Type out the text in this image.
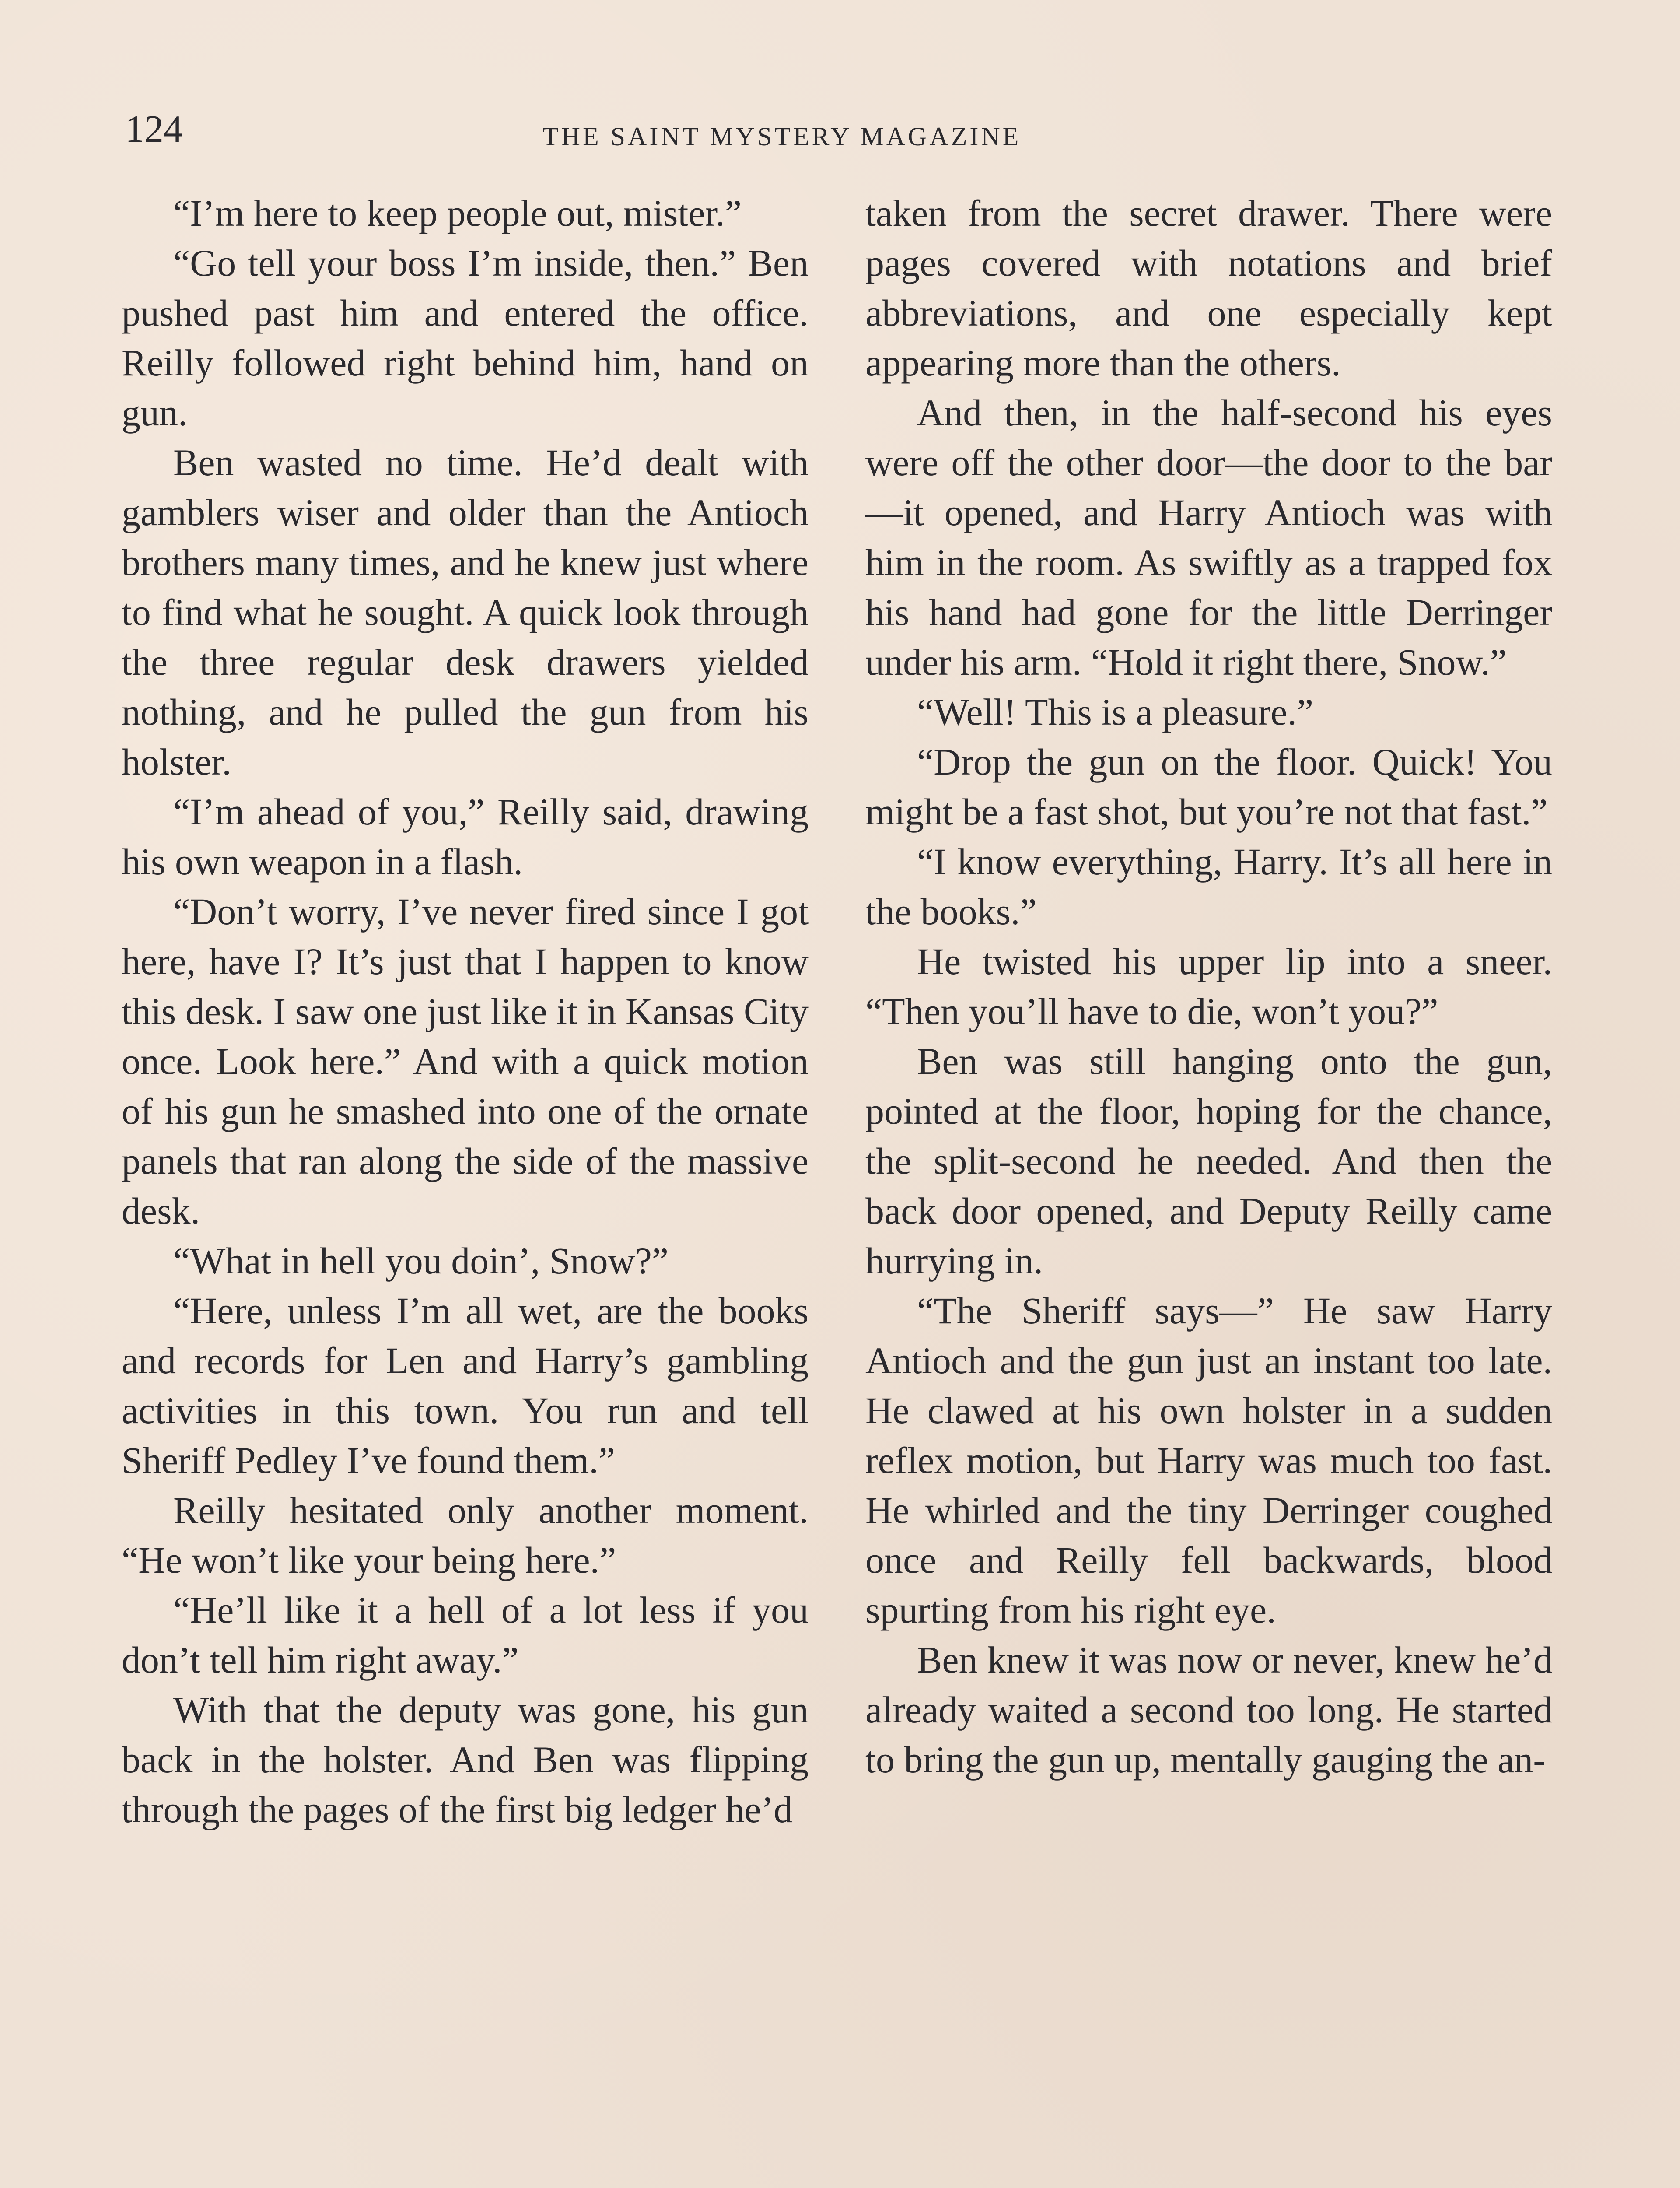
124	THE SAINT MYSTERY MAGAZINE

“I’m here to keep people out, mister.”

“Go tell your boss I’m inside, then.” Ben pushed past him and entered the office. Reilly followed right behind him, hand on gun.

Ben wasted no time. He’d dealt with gamblers wiser and older than the Antioch brothers many times, and he knew just where to find what he sought. A quick look through the three regular desk drawers yielded nothing, and he pulled the gun from his holster.

“I’m ahead of you,” Reilly said, drawing his own weapon in a flash.

“Don’t worry, I’ve never fired since I got here, have I? It’s just that I happen to know this desk. I saw one just like it in Kansas City once. Look here.” And with a quick motion of his gun he smashed into one of the ornate panels that ran along the side of the massive desk.

“What in hell you doin’, Snow?”

“Here, unless I’m all wet, are the books and records for Len and Harry’s gambling activities in this town. You run and tell Sheriff Pedley I’ve found them.”

Reilly hesitated only another moment. “He won’t like your being here.”

“He’ll like it a hell of a lot less if you don’t tell him right away.”

With that the deputy was gone, his gun back in the holster. And Ben was flipping through the pages of the first big ledger he’d

taken from the secret drawer. There were pages covered with notations and brief abbreviations, and one especially kept appearing more than the others.

And then, in the half-second his eyes were off the other door—the door to the bar—it opened, and Harry Antioch was with him in the room. As swiftly as a trapped fox his hand had gone for the little Derringer under his arm. “Hold it right there, Snow.”

“Well! This is a pleasure.”

“Drop the gun on the floor. Quick! You might be a fast shot, but you’re not that fast.”

“I know everything, Harry. It’s all here in the books.”

He twisted his upper lip into a sneer. “Then you’ll have to die, won’t you?”

Ben was still hanging onto the gun, pointed at the floor, hoping for the chance, the split-second he needed. And then the back door opened, and Deputy Reilly came hurrying in.

“The Sheriff says—” He saw Harry Antioch and the gun just an instant too late. He clawed at his own holster in a sudden reflex motion, but Harry was much too fast. He whirled and the tiny Derringer coughed once and Reilly fell backwards, blood spurting from his right eye.

Ben knew it was now or never, knew he’d already waited a second too long. He started to bring the gun up, mentally gauging the an-
